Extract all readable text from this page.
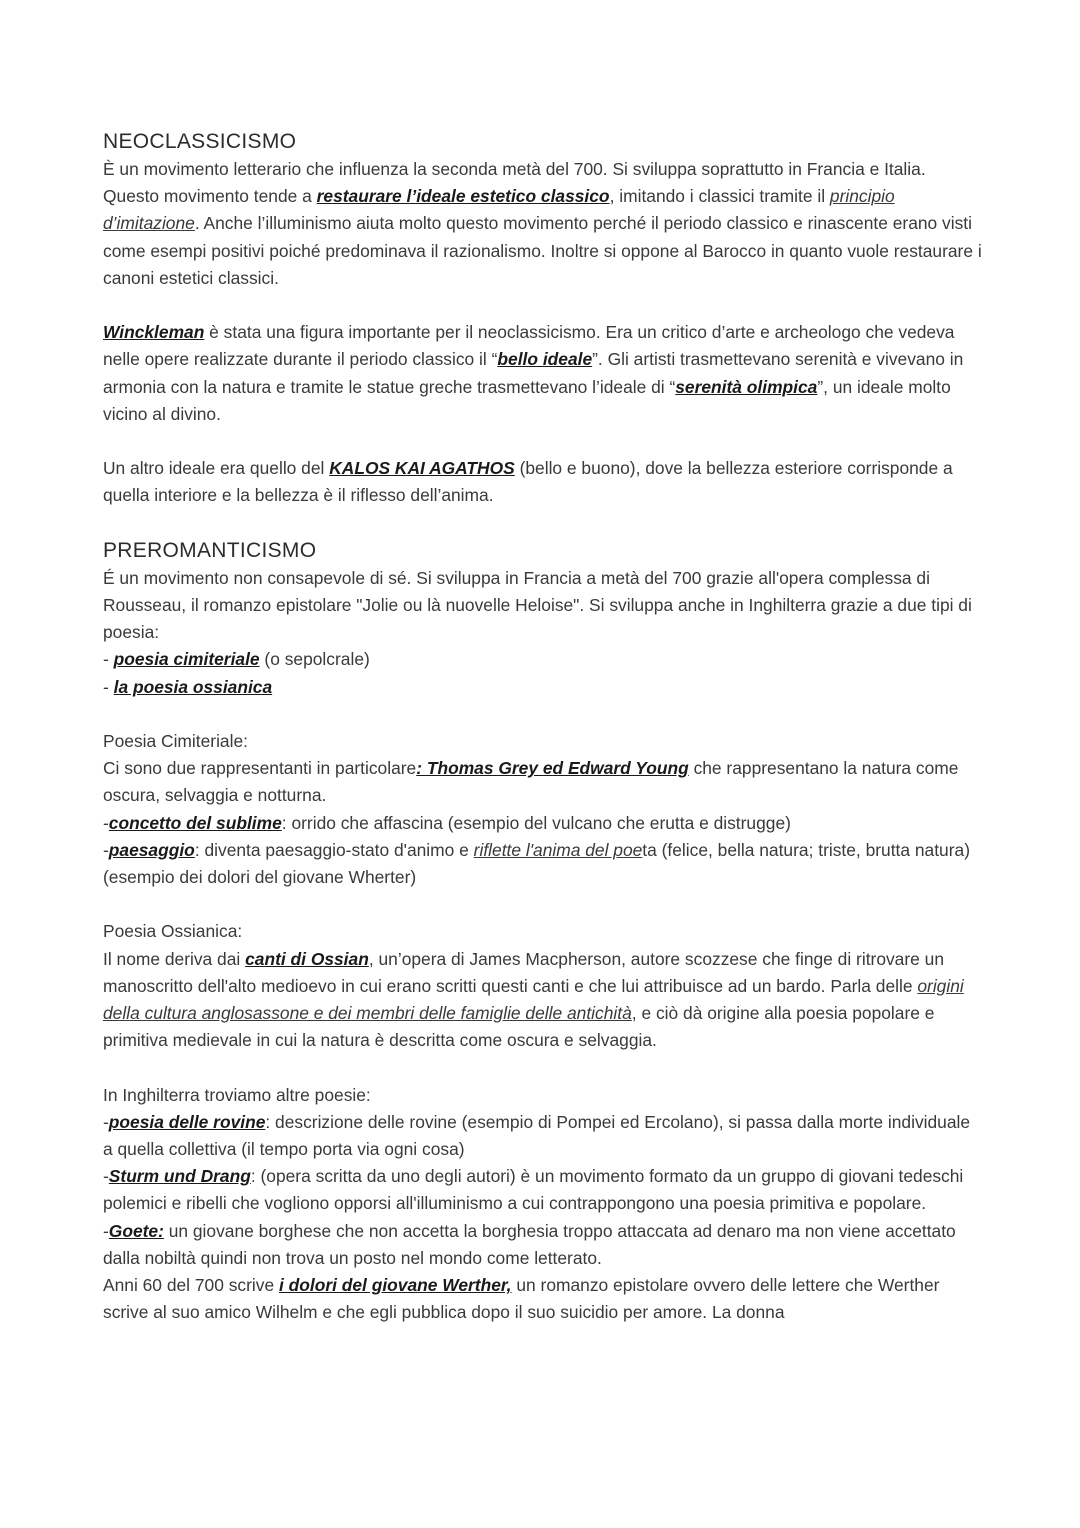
NEOCLASSICISMO

È un movimento letterario che influenza la seconda metà del 700. Si sviluppa soprattutto in Francia e Italia. Questo movimento tende a restaurare l’ideale estetico classico, imitando i classici tramite il principio d’imitazione. Anche l’illuminismo aiuta molto questo movimento perché il periodo classico e rinascente erano visti come esempi positivi poiché predominava il razionalismo. Inoltre si oppone al Barocco in quanto vuole restaurare i canoni estetici classici.

Winckleman è stata una figura importante per il neoclassicismo. Era un critico d’arte e archeologo che vedeva nelle opere realizzate durante il periodo classico il “bello ideale”. Gli artisti trasmettevano serenità e vivevano in armonia con la natura e tramite le statue greche trasmettevano l’ideale di “serenità olimpica”, un ideale molto vicino al divino.

Un altro ideale era quello del KALOS KAI AGATHOS (bello e buono), dove la bellezza esteriore corrisponde a quella interiore e la bellezza è il riflesso dell’anima.

PREROMANTICISMO

É un movimento non consapevole di sé. Si sviluppa in Francia a metà del 700 grazie all'opera complessa di Rousseau, il romanzo epistolare "Jolie ou là nuovelle Heloise". Si sviluppa anche in Inghilterra grazie a due tipi di poesia:

- poesia cimiteriale (o sepolcrale)

- la poesia ossianica

Poesia Cimiteriale:

Ci sono due rappresentanti in particolare: Thomas Grey ed Edward Young che rappresentano la natura come oscura, selvaggia e notturna.

-concetto del sublime: orrido che affascina (esempio del vulcano che erutta e distrugge)

-paesaggio: diventa paesaggio-stato d'animo e riflette l'anima del poeta (felice, bella natura; triste, brutta natura)

(esempio dei dolori del giovane Wherter)

Poesia Ossianica:

Il nome deriva dai canti di Ossian, un’opera di James Macpherson, autore scozzese che finge di ritrovare un manoscritto dell'alto medioevo in cui erano scritti questi canti e che lui attribuisce ad un bardo. Parla delle origini della cultura anglosassone e dei membri delle famiglie delle antichità, e ciò dà origine alla poesia popolare e primitiva medievale in cui la natura è descritta come oscura e selvaggia.

In Inghilterra troviamo altre poesie:

-poesia delle rovine: descrizione delle rovine (esempio di Pompei ed Ercolano), si passa dalla morte individuale a quella collettiva (il tempo porta via ogni cosa)

-Sturm und Drang: (opera scritta da uno degli autori) è un movimento formato da un gruppo di giovani tedeschi polemici e ribelli che vogliono opporsi all'illuminismo a cui contrappongono una poesia primitiva e popolare.

-Goete: un giovane borghese che non accetta la borghesia troppo attaccata ad denaro ma non viene accettato dalla nobiltà quindi non trova un posto nel mondo come letterato.

Anni 60 del 700 scrive i dolori del giovane Werther, un romanzo epistolare ovvero delle lettere che Werther scrive al suo amico Wilhelm e che egli pubblica dopo il suo suicidio per amore. La donna
